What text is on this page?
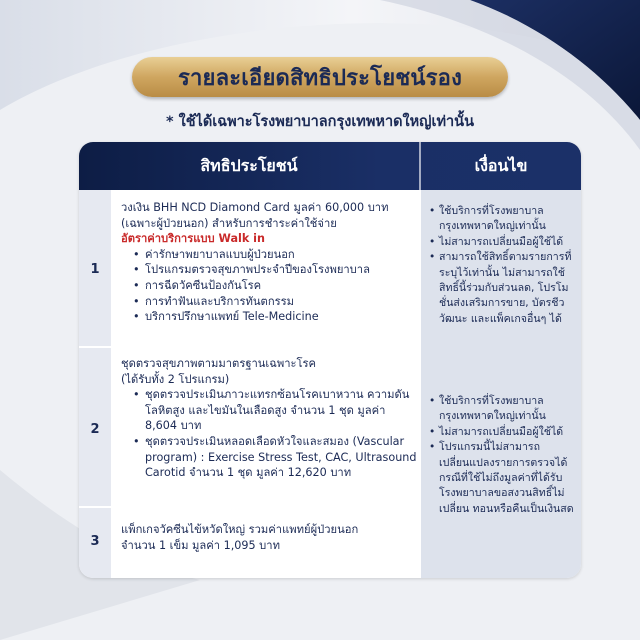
รายละเอียดสิทธิประโยชน์รอง
* ใช้ได้เฉพาะโรงพยาบาลกรุงเทพหาดใหญ่เท่านั้น
สิทธิประโยชน์	เงื่อนไข
1

วงเงิน BHH NCD Diamond Card มูลค่า 60,000 บาท

(เฉพาะผู้ป่วยนอก) สำหรับการชำระค่าใช้จ่าย

อัตราค่าบริการแบบ Walk in

• ค่ารักษาพยาบาลแบบผู้ป่วยนอก
• โปรแกรมตรวจสุขภาพประจำปีของโรงพยาบาล
• การฉีดวัคซีนป้องกันโรค
• การทำฟันและบริการทันตกรรม
• บริการปรึกษาแพทย์ Tele-Medicine
2

ชุดตรวจสุขภาพตามมาตรฐานเฉพาะโรค

(ได้รับทั้ง 2 โปรแกรม)

• ชุดตรวจประเมินภาวะแทรกซ้อนโรคเบาหวาน ความดันโลหิตสูง และไขมันในเลือดสูง จำนวน 1 ชุด มูลค่า 8,604 บาท
• ชุดตรวจประเมินหลอดเลือดหัวใจและสมอง (Vascular program) : Exercise Stress Test, CAC, Ultrasound Carotid จำนวน 1 ชุด มูลค่า 12,620 บาท
3

แพ็กเกจวัคซีนไข้หวัดใหญ่ รวมค่าแพทย์ผู้ป่วยนอก

จำนวน 1 เข็ม มูลค่า 1,095 บาท

• ใช้บริการที่โรงพยาบาลกรุงเทพหาดใหญ่เท่านั้น
• ไม่สามารถเปลี่ยนมือผู้ใช้ได้
• สามารถใช้สิทธิ์ตามรายการที่ระบุไว้เท่านั้น ไม่สามารถใช้สิทธิ์นี้ร่วมกับส่วนลด, โปรโมชั่นส่งเสริมการขาย, บัตรชีววัฒนะ และแพ็คเกจอื่นๆ ได้
• ใช้บริการที่โรงพยาบาลกรุงเทพหาดใหญ่เท่านั้น
• ไม่สามารถเปลี่ยนมือผู้ใช้ได้
• โปรแกรมนี้ไม่สามารถเปลี่ยนแปลงรายการตรวจได้ กรณีที่ใช้ไม่ถึงมูลค่าที่ได้รับ โรงพยาบาลขอสงวนสิทธิ์ไม่เปลี่ยน ทอนหรือคืนเป็นเงินสด
